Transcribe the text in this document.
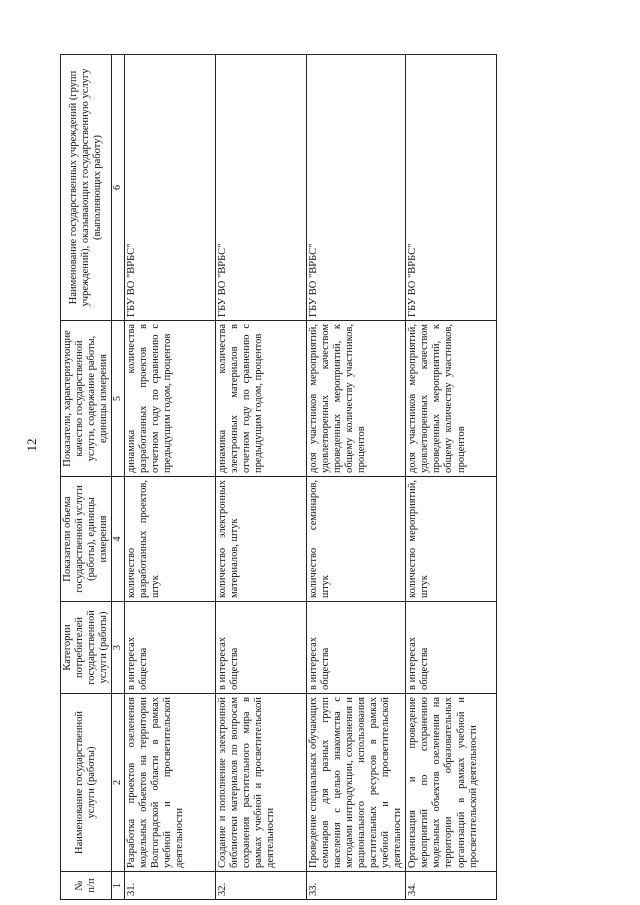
12
№ п/п	Наименование государственной услуги (работы)	Категории потребителей государственной услуги (работы)	Показатели объема государственной услуги (работы), единицы измерения	Показатели, характеризующие качество государственной услуги, содержание работы, единицы измерения	Наименование государственных учреждений (групп учреждений), оказывающих государственную услугу (выполняющих работу)
1	2	3	4	5	6
31.	Разработка проектов озеленения модельных объектов на территории Волгоградской области в рамках учебной и просветительской деятельности	в интересах общества	количество разработанных проектов, штук	динамика количества разработанных проектов в отчетном году по сравнению с предыдущим годом, процентов	ГБУ ВО "ВРБС"
32.	Создание и пополнение электронной библиотеки материалов по вопросам сохранения растительного мира в рамках учебной и просветительской деятельности	в интересах общества	количество электронных материалов, штук	динамика количества электронных материалов в отчетном году по сравнению с предыдущим годом, процентов	ГБУ ВО "ВРБС"
33.	Проведение специальных обучающих семинаров для разных групп населения с целью знакомства с методами интродукции, сохранения и рационального использования растительных ресурсов в рамках учебной и просветительской деятельности	в интересах общества	количество семинаров, штук	доля участников мероприятий, удовлетворенных качеством проведенных мероприятий, к общему количеству участников, процентов	ГБУ ВО "ВРБС"
34.	Организация и проведение мероприятий по сохранению модельных объектов озеленения на территории образовательных организаций в рамках учебной и просветительской деятельности	в интересах общества	количество мероприятий, штук	доля участников мероприятий, удовлетворенных качеством проведенных мероприятий, к общему количеству участников, процентов	ГБУ ВО "ВРБС"
